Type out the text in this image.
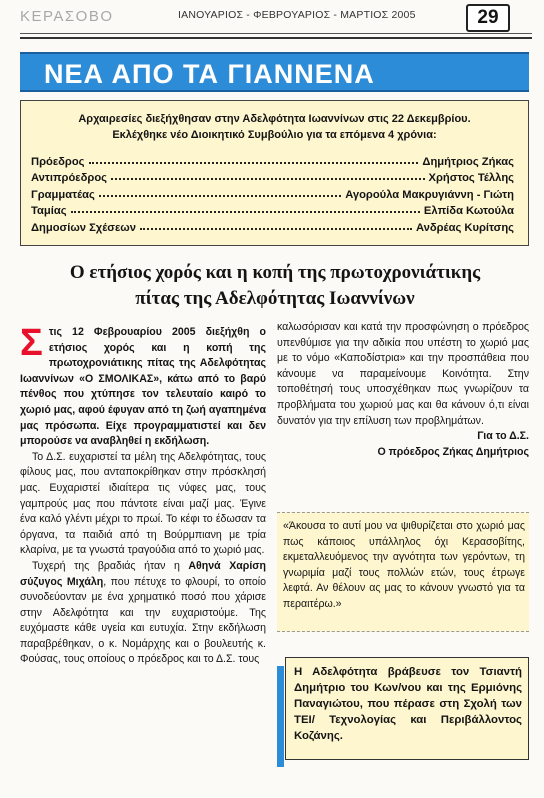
ΚΕΡΑΣΟΒΟ	ΙΑΝΟΥΑΡΙΟΣ - ΦΕΒΡΟΥΑΡΙΟΣ - ΜΑΡΤΙΟΣ 2005	29
ΝΕΑ ΑΠΟ ΤΑ ΓΙΑΝΝΕΝΑ
Αρχαιρεσίες διεξήχθησαν στην Αδελφότητα Ιωαννίνων στις 22 Δεκεμβρίου.
Εκλέχθηκε νέο Διοικητικό Συμβούλιο για τα επόμενα 4 χρόνια:
Πρόεδρος	Δημήτριος Ζήκας
Αντιπρόεδρος	Χρήστος Τέλλης
Γραμματέας	Αγορούλα Μακρυγιάννη - Γιώτη
Ταμίας	Ελπίδα Κωτούλα
Δημοσίων Σχέσεων	Ανδρέας Κυρίτσης
Ο ετήσιος χορός και η κοπή της πρωτοχρονιάτικης
πίτας της Αδελφότητας Ιωαννίνων

Στις 12 Φεβρουαρίου 2005 διεξήχθη ο ετήσιος χορός και η κοπή της πρωτοχρονιάτικης πίτας της Αδελφότητας Ιωαννίνων «Ο ΣΜΟΛΙΚΑΣ», κάτω από το βαρύ πένθος που χτύπησε τον τελευταίο καιρό το χωριό μας, αφού έφυγαν από τη ζωή αγαπημένα μας πρόσωπα. Είχε προγραμματιστεί και δεν μπορούσε να αναβληθεί η εκδήλωση.

Το Δ.Σ. ευχαριστεί τα μέλη της Αδελφότητας, τους φίλους μας, που ανταποκρίθηκαν στην πρόσκλησή μας. Ευχαριστεί ιδιαίτερα τις νύφες μας, τους γαμπρούς μας που πάντοτε είναι μαζί μας. Έγινε ένα καλό γλέντι μέχρι το πρωί. Το κέφι το έδωσαν τα όργανα, τα παιδιά από τη Βούρμπιανη με τρία κλαρίνα, με τα γνωστά τραγούδια από το χωριό μας.

Τυχερή της βραδιάς ήταν η Αθηνά Χαρίση σύζυγος Μιχάλη, που πέτυχε το φλουρί, το οποίο συνοδεύονταν με ένα χρηματικό ποσό που χάρισε στην Αδελφότητα και την ευχαριστούμε. Της ευχόμαστε κάθε υγεία και ευτυχία. Στην εκδήλωση παραβρέθηκαν, ο κ. Νομάρχης και ο βουλευτής κ. Φούσας, τους οποίους ο πρόεδρος και το Δ.Σ. τους

καλωσόρισαν και κατά την προσφώνηση ο πρόεδρος υπενθύμισε για την αδικία που υπέστη το χωριό μας με το νόμο «Καποδίστρια» και την προσπάθεια που κάνουμε να παραμείνουμε Κοινότητα. Στην τοποθέτησή τους υποσχέθηκαν πως γνωρίζουν τα προβλήματα του χωριού μας και θα κάνουν ό,τι είναι δυνατόν για την επίλυση των προβλημάτων.

Για το Δ.Σ.

Ο πρόεδρος Ζήκας Δημήτριος

«Άκουσα το αυτί μου να ψιθυρίζεται στο χωριό μας πως κάποιος υπάλληλος όχι Κερασοβίτης, εκμεταλλευόμενος την αγνότητα των γερόντων, τη γνωριμία μαζί τους πολλών ετών, τους έτρωγε λεφτά. Αν θέλουν ας μας το κάνουν γνωστό για τα περαιτέρω.»
Η Αδελφότητα βράβευσε τον Τσιαντή Δημήτριο του Κων/νου και της Ερμιόνης Παναγιώτου, που πέρασε στη Σχολή των ΤΕΙ/ Τεχνολογίας και Περιβάλλοντος Κοζάνης.
